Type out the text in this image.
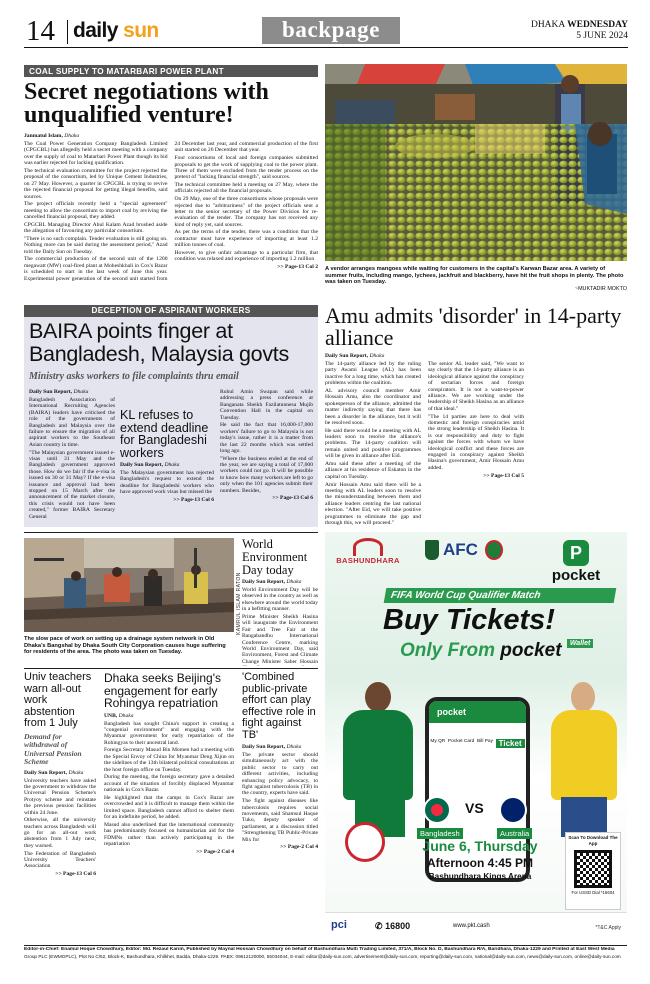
14 daily sun	backpage	DHAKA WEDNESDAY
5 JUNE 2024
COAL SUPPLY TO MATARBARI POWER PLANT
Secret negotiations with unqualified venture!
Janmatul Islam, Dhaka

The Coal Power Generation Company Bangladesh Limited (CPGCBL) has allegedly held a secret meeting with a company over the supply of coal to Matarbari Power Plant though its bid was earlier rejected for lacking qualification.

The technical evaluation committee for the project rejected the proposal of the consortium, led by Unique Cement Industries, on 27 May. However, a quarter in CPGCBL is trying to revive the rejected financial proposal for getting illegal benefits, said sources.

The project officials recently held a "special agreement" meeting to allow the consortium to import coal by reviving the cancelled financial proposal, they added.

CPGCBL Managing Director Abul Kalam Azad brushed aside the allegation of favouring any particular consortium.

"There is no such complain. Tender evaluation is still going on. Nothing more can be said during the assessment period," Azad told the Daily Sun on Tuesday.

The commercial production of the second unit of the 1200 megawatt (MW) coal-fired plant at Moheshkhali in Cox's Bazar is scheduled to start in the last week of June this year. Experimental power generation of the second unit started from 24 December last year, and commercial production of the first unit started on 26 December that year.

Four consortiums of local and foreign companies submitted proposals to get the work of supplying coal to the power plant. Three of them were excluded from the tender process on the pretext of "lacking financial strength", said sources.

The technical committee held a meeting on 27 May, where the officials rejected all the financial proposals.

On 29 May, one of the three consortiums whose proposals were rejected due to "arbitrariness" of the project officials sent a letter to the senior secretary of the Power Division for re-evaluation of the tender. The company has not received any kind of reply yet, said sources.

As per the terms of the tender, there was a condition that the contractor must have experience of importing at least 1.2 million tonnes of coal.

However, to give unfair advantage to a particular firm, that condition was relaxed and experience of importing 1.2 million

>> Page-13 Col 2 A vendor arranges mangoes while waiting for customers in the capital's Karwan Bazar area. A variety of summer fruits, including mango, lychees, jackfruit and blackberry, have hit the fruit shops in plenty. The photo was taken on Tuesday.
~MUKTADIR MOKTO
DECEPTION OF ASPIRANT WORKERS
BAIRA points finger at Bangladesh, Malaysia govts
Ministry asks workers to file complaints thru email
Daily Sun Report, Dhaka

Bangladesh Association of International Recruiting Agencies (BAIRA) leaders have criticised the role of the governments of Bangladesh and Malaysia over the failure to ensure the migration of all aspirant workers to the Southeast Asian country in time.

"The Malaysian government issued e-visas until 31 May and the Bangladesh government approved those. How do we fair if the e-visa is issued on 30 or 31 May? If the e-visa issuance and approval had been stopped on 15 March after the announcement of the market closure, this crisis would not have been created," former BAIRA Secretary General

KL refuses to extend deadline for Bangladeshi workers
Daily Sun Report, Dhaka

The Malaysian government has rejected Bangladesh's request to extend the deadline for Bangladeshi workers who have approved work visas but missed the

>> Page-13 Col 6

Ruhul Amin Swapan said while addressing a press conference at Banganata Sheikh Fazilatunnesa Mujib Convention Hall in the capital on Tuesday.

He said the fact that 16,000-17,000 workers' failure to go to Malaysia is not today's issue, rather it is a matter from the last 22 months which was settled long ago.

"Where the business ended at the end of the year, we are saying a total of 17,000 workers could not go. It will be possible to know how many workers are left to go only when the 101 agencies submit their numbers. Besides,

>> Page-13 Col 6
Amu admits 'disorder' in 14-party alliance
Daily Sun Report, Dhaka

The 14-party alliance led by the ruling party Awami League (AL) has been inactive for a long time, which has created problems within the coalition.

AL advisory council member Amir Hossain Amu, also the coordinator and spokesperson of the alliance, admitted the matter indirectly saying that there has been a disorder in the alliance, but it will be resolved soon.

He said there would be a meeting with AL leaders soon to resolve the alliance's problems. The 14-party coalition will remain united and positive programmes will be given in alliance after Eid.

Amu said these after a meeting of the alliance at his residence of Eskaton in the capital on Tuesday.

Amir Hossain Amu said there will be a meeting with AL leaders soon to resolve the misunderstanding between them and alliance leaders centring the last national election. "After Eid, we will take positive programmes to eliminate the gap and through this, we will proceed."

The senior AL leader said, "We want to say clearly that the 14-party alliance is an ideological alliance against the conspiracy of sectarian forces and foreign conspirators. It is not a want-to-power alliance. We are working under the leadership of Sheikh Hasina as an alliance of that ideal."

"The 14 parties are here to deal with domestic and foreign conspiracies amid the strong leadership of Sheikh Hasina. It is our responsibility and duty to fight against the forces with whom we have ideological conflict and these forces are engaged in conspiracy against Sheikh Hasina's government, Amir Hossain Amu added.

>> Page-13 Col 5
KAMRUL ISLAM RATON
The slow pace of work on setting up a drainage system network in Old Dhaka's Bangshal by Dhaka South City Corporation causes huge suffering for residents of the area. The photo was taken on Tuesday.
World Environment Day today
Daily Sun Report, Dhaka

World Environment Day will be observed in the country as well as elsewhere around the world today in a befitting manner.

Prime Minister Sheikh Hasina will inaugurate the Environment Fair and Tree Fair at the Bangabandhu International Conference Centre, marking World Environment Day, said Environment, Forest and Climate Change Minister Saber Hossain

Univ teachers warn all-out work abstention from 1 July
Demand for withdrawal of Universal Pension Scheme
Daily Sun Report, Dhaka

University teachers have asked the government to withdraw the Universal Pension Scheme's Protyoy scheme and reinstate the previous pension facilities within 24 June.

Otherwise, all the university teachers across Bangladesh will go for an all-out work abstention from 1 July next, they warned.

The Federation of Bangladesh University Teachers' Association

>> Page-13 Col 6
Dhaka seeks Beijing's engagement for early Rohingya repatriation
UNB, Dhaka

Bangladesh has sought China's support in creating a "congenial environment" and engaging with the Myanmar government for early repatriation of the Rohingyas to their ancestral land.

Foreign Secretary Masud Bin Momen had a meeting with the Special Envoy of China for Myanmar Deng Xijun on the sidelines of the 13th bilateral political consultations at the host foreign office on Tuesday.

During the meeting, the foreign secretary gave a detailed account of the situation of forcibly displaced Myanmar nationals in Cox's Bazar.

He highlighted that the camps in Cox's Bazar are overcrowded and it is difficult to manage them within the limited space. Bangladesh cannot afford to shelter them for an indefinite period, he added.

Masud also underlined that the international community has predominantly focused on humanitarian aid for the FDMNs rather than actively participating in the repatriation

>> Page-2 Col 4
'Combined public-private effort can play effective role in fight against TB'
Daily Sun Report, Dhaka

The private sector should simultaneously act with the public sector to carry out different activities, including enhancing policy advocacy, to fight against tuberculosis (TB) in the country, experts have said.

The fight against diseases like tuberculosis requires social movements, said Shamsul Haque Tuku, deputy speaker of parliament, at a discussion titled "Strengthening TB Public-Private Mix for

>> Page-2 Col 4
BASHUNDHARA	P
pocket
AFC
FIFA World Cup Qualifier Match
Buy Tickets!
Only From pocket $^{Wallet}$
pocket
My QR Pocket Card Bill Pay Ticket
VS
Bangladesh	Australia
June 6, Thursday
Afternoon 4:45 PM
Bashundhara Kings Arena
Scan To Download The App
For USSD Dial *16604
pci	✆ 16800	www.pkt.cash	*T&C Apply
Editor-in-Chief: Enamul Hoque Chowdhury, Editor: Md. Rezaul Karim, Published by Maynal Hossain Chowdhury on behalf of Bashundhara Multi Trading Limited, 371/A, Block No. D, Bashundhara R/A, Baridhara, Dhaka-1229 and Printed at East West Media
Group PLC (EWMGPLC), Plot No C/52, Block-K, Bashundhara, Khilkhet, Badda, Dhaka-1229. PABX: 09612120000, 55034044, E-mail: editor@daily-sun.com, advertisement@daily-sun.com, reporting@daily-sun.com, national@daily-sun.com, news@daily-sun.com, online@daily-sun.com
